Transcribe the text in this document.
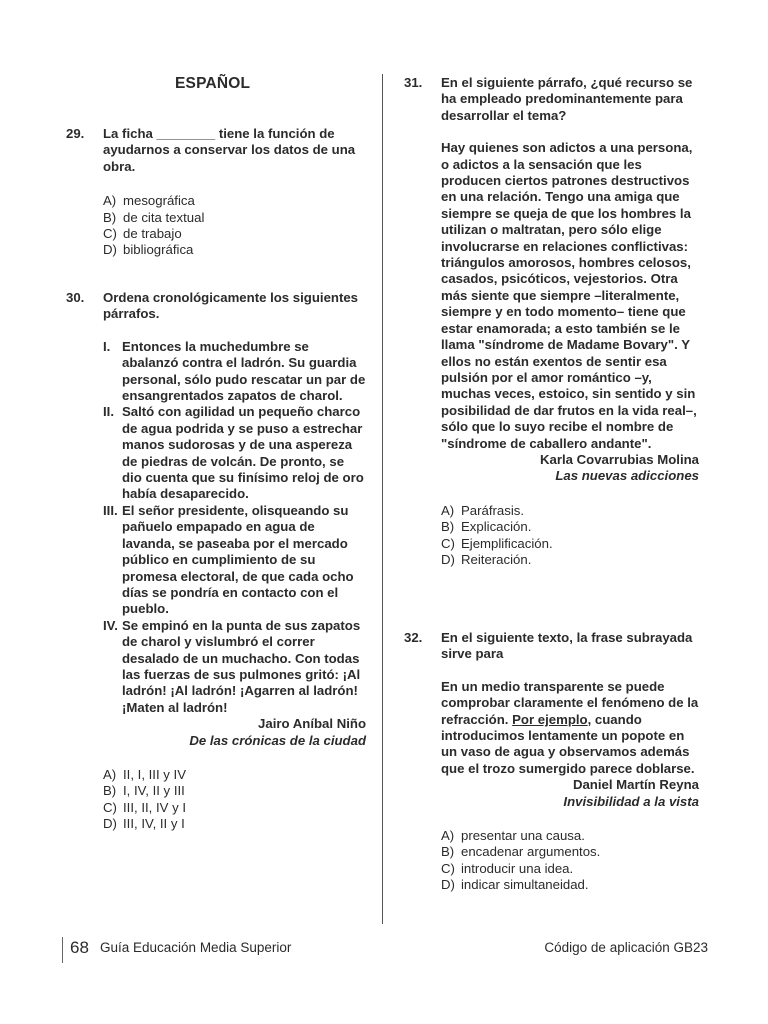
ESPAÑOL
29. La ficha ________ tiene la función de ayudarnos a conservar los datos de una obra.
A) mesográfica
B) de cita textual
C) de trabajo
D) bibliográfica
30. Ordena cronológicamente los siguientes párrafos.
I. Entonces la muchedumbre se abalanzó contra el ladrón. Su guardia personal, sólo pudo rescatar un par de ensangrentados zapatos de charol.
II. Saltó con agilidad un pequeño charco de agua podrida y se puso a estrechar manos sudorosas y de una aspereza de piedras de volcán. De pronto, se dio cuenta que su finísimo reloj de oro había desaparecido.
III. El señor presidente, olisqueando su pañuelo empapado en agua de lavanda, se paseaba por el mercado público en cumplimiento de su promesa electoral, de que cada ocho días se pondría en contacto con el pueblo.
IV. Se empinó en la punta de sus zapatos de charol y vislumbró el correr desalado de un muchacho. Con todas las fuerzas de sus pulmones gritó: ¡Al ladrón! ¡Al ladrón! ¡Agarren al ladrón! ¡Maten al ladrón!
Jairo Aníbal Niño
De las crónicas de la ciudad
A) II, I, III y IV
B) I, IV, II y III
C) III, II, IV y I
D) III, IV, II y I
31. En el siguiente párrafo, ¿qué recurso se ha empleado predominantemente para desarrollar el tema?
Hay quienes son adictos a una persona, o adictos a la sensación que les producen ciertos patrones destructivos en una relación. Tengo una amiga que siempre se queja de que los hombres la utilizan o maltratan, pero sólo elige involucrarse en relaciones conflictivas: triángulos amorosos, hombres celosos, casados, psicóticos, vejestorios. Otra más siente que siempre –literalmente, siempre y en todo momento– tiene que estar enamorada; a esto también se le llama "síndrome de Madame Bovary". Y ellos no están exentos de sentir esa pulsión por el amor romántico –y, muchas veces, estoico, sin sentido y sin posibilidad de dar frutos en la vida real–, sólo que lo suyo recibe el nombre de "síndrome de caballero andante".
Karla Covarrubias Molina
Las nuevas adicciones
A) Paráfrasis.
B) Explicación.
C) Ejemplificación.
D) Reiteración.
32. En el siguiente texto, la frase subrayada sirve para
En un medio transparente se puede comprobar claramente el fenómeno de la refracción. Por ejemplo, cuando introducimos lentamente un popote en un vaso de agua y observamos además que el trozo sumergido parece doblarse.
Daniel Martín Reyna
Invisibilidad a la vista
A) presentar una causa.
B) encadenar argumentos.
C) introducir una idea.
D) indicar simultaneidad.
68 Guía Educación Media Superior	Código de aplicación GB23
